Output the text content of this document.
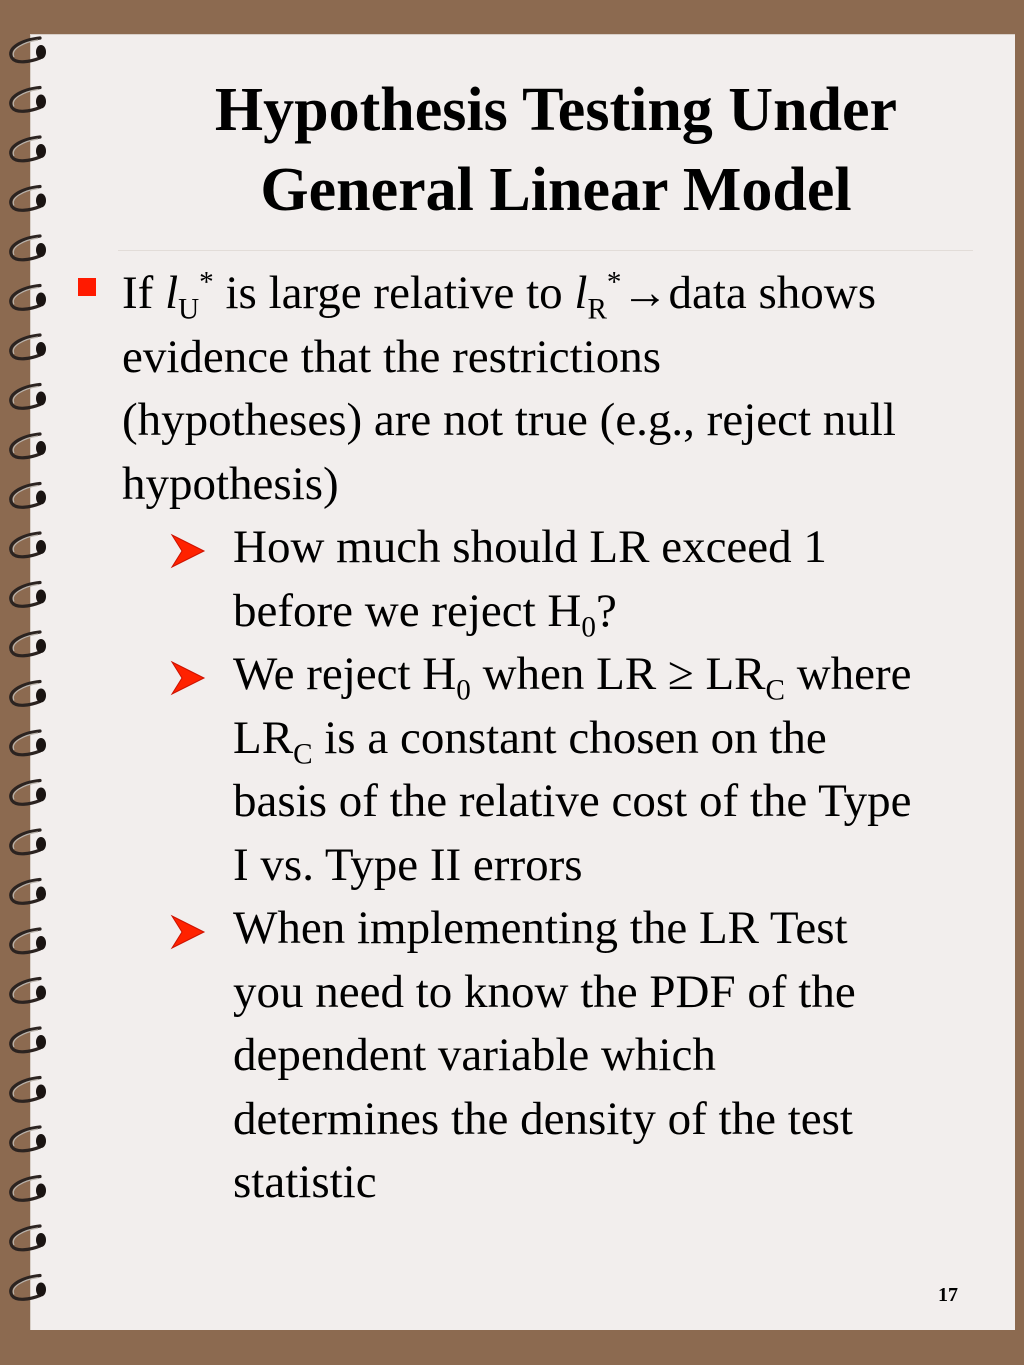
Hypothesis Testing Under
General Linear Model
If $l_U^*$ is large relative to $l_R^*\to data$ shows
evidence that the restrictions
(hypotheses) are not true (e.g., reject null
hypothesis)
How much should LR exceed 1
before we reject $H_0$?
We reject $H_0$ when LR ≥ $LR_C$ where
$LR_C$ is a constant chosen on the
basis of the relative cost of the Type
I vs. Type II errors
When implementing the LR Test
you need to know the PDF of the
dependent variable which
determines the density of the test
statistic
17
